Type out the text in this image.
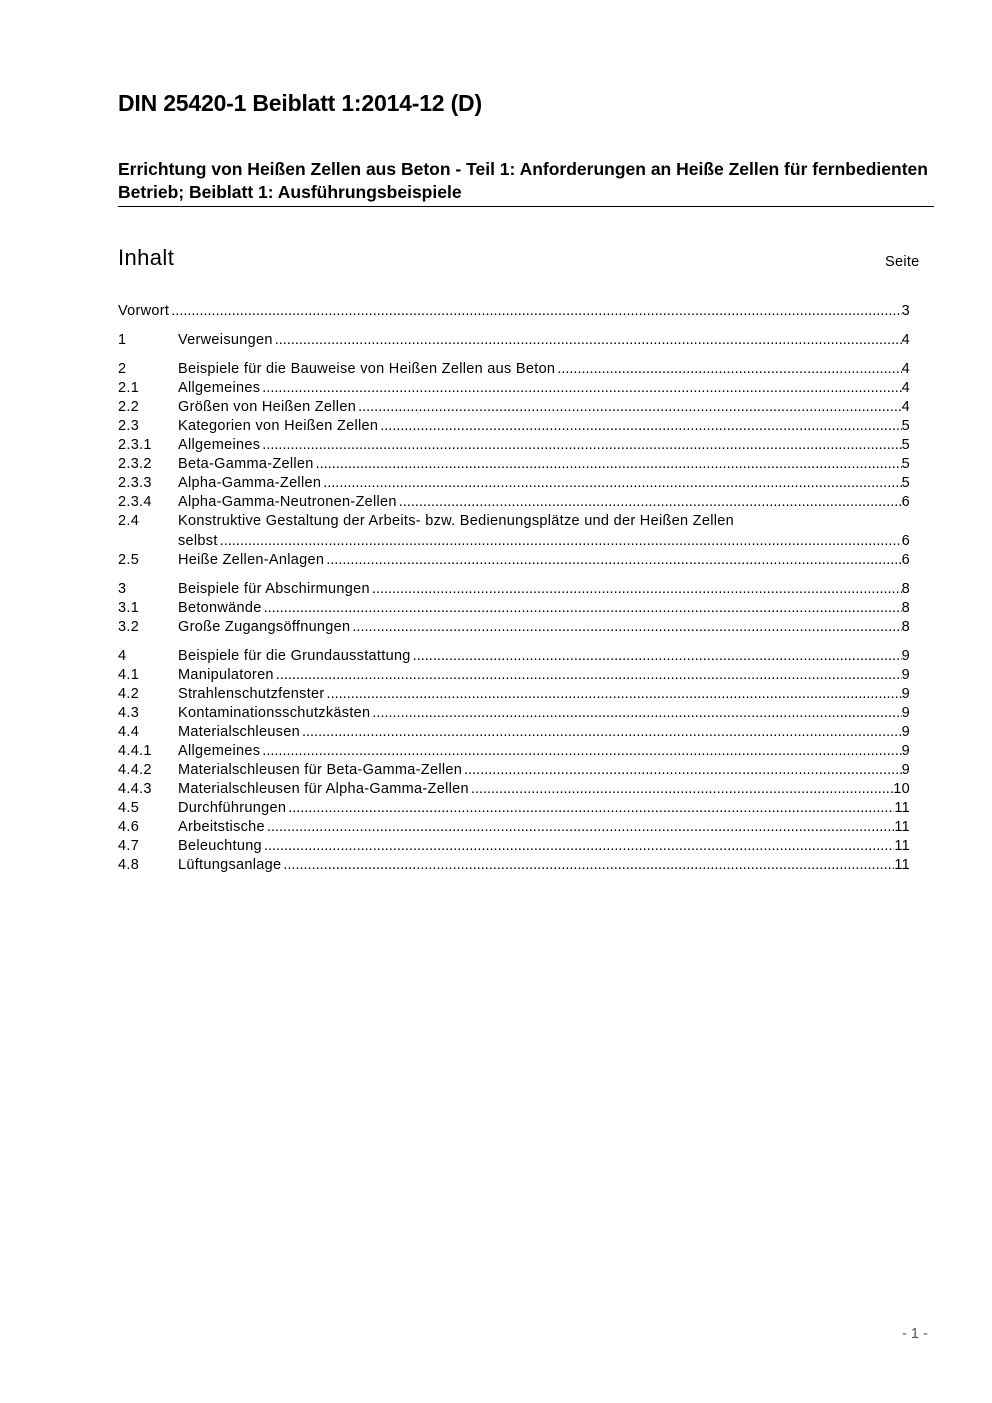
DIN 25420-1 Beiblatt 1:2014-12 (D)
Errichtung von Heißen Zellen aus Beton - Teil 1: Anforderungen an Heiße Zellen für fernbedienten Betrieb; Beiblatt 1: Ausführungsbeispiele
Inhalt	Seite
Vorwort .....	3
1	Verweisungen .....	4
2	Beispiele für die Bauweise von Heißen Zellen aus Beton .....	4
2.1	Allgemeines .....	4
2.2	Größen von Heißen Zellen .....	4
2.3	Kategorien von Heißen Zellen .....	5
2.3.1	Allgemeines .....	5
2.3.2	Beta-Gamma-Zellen .....	5
2.3.3	Alpha-Gamma-Zellen .....	5
2.3.4	Alpha-Gamma-Neutronen-Zellen .....	6
2.4	Konstruktive Gestaltung der Arbeits- bzw. Bedienungsplätze und der Heißen Zellen
selbst .....	6
2.5	Heiße Zellen-Anlagen .....	6
3	Beispiele für Abschirmungen .....	8
3.1	Betonwände .....	8
3.2	Große Zugangsöffnungen .....	8
4	Beispiele für die Grundausstattung .....	9
4.1	Manipulatoren .....	9
4.2	Strahlenschutzfenster .....	9
4.3	Kontaminationsschutzkästen .....	9
4.4	Materialschleusen .....	9
4.4.1	Allgemeines .....	9
4.4.2	Materialschleusen für Beta-Gamma-Zellen .....	9
4.4.3	Materialschleusen für Alpha-Gamma-Zellen .....	10
4.5	Durchführungen .....	11
4.6	Arbeitstische .....	11
4.7	Beleuchtung .....	11
4.8	Lüftungsanlage .....	11
- 1 -
